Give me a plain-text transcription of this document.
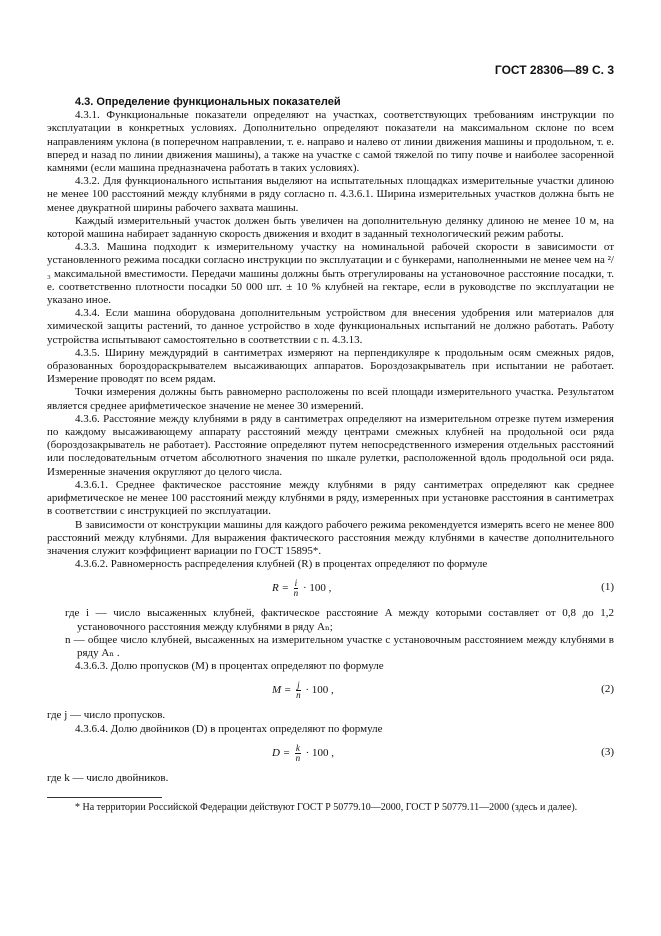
ГОСТ 28306—89 С. 3

4.3. Определение функциональных показателей

4.3.1. Функциональные показатели определяют на участках, соответствующих требованиям инструкции по эксплуатации в конкретных условиях. Дополнительно определяют показатели на максимальном склоне по всем направлениям уклона (в поперечном направлении, т. е. направо и налево от линии движения машины и продольном, т. е. вперед и назад по линии движения машины), а также на участке с самой тяжелой по типу почве и наиболее засоренной камнями (если машина предназначена работать в таких условиях).

4.3.2. Для функционального испытания выделяют на испытательных площадках измерительные участки длиною не менее 100 расстояний между клубнями в ряду согласно п. 4.3.6.1. Ширина измерительных участков должна быть не менее двукратной ширины рабочего захвата машины.

Каждый измерительный участок должен быть увеличен на дополнительную делянку длиною не менее 10 м, на которой машина набирает заданную скорость движения и входит в заданный технологический режим работы.

4.3.3. Машина подходит к измерительному участку на номинальной рабочей скорости в зависимости от установленного режима посадки согласно инструкции по эксплуатации и с бункерами, наполненными не менее чем на ²/₃ максимальной вместимости. Передачи машины должны быть отрегулированы на установочное расстояние посадки, т. е. соответственно плотности посадки 50 000 шт. ± 10 % клубней на гектаре, если в руководстве по эксплуатации не указано иное.

4.3.4. Если машина оборудована дополнительным устройством для внесения удобрения или материалов для химической защиты растений, то данное устройство в ходе функциональных испытаний не должно работать. Работу устройства испытывают самостоятельно в соответствии с п. 4.3.13.

4.3.5. Ширину междурядий в сантиметрах измеряют на перпендикуляре к продольным осям смежных рядов, образованных бороздораскрывателем высаживающих аппаратов. Бороздозакрыватель при испытании не работает. Измерение проводят по всем рядам.

Точки измерения должны быть равномерно расположены по всей площади измерительного участка. Результатом является среднее арифметическое значение не менее 30 измерений.

4.3.6. Расстояние между клубнями в ряду в сантиметрах определяют на измерительном отрезке путем измерения по каждому высаживающему аппарату расстояний между центрами смежных клубней на продольной оси ряда (бороздозакрыватель не работает). Расстояние определяют путем непосредственного измерения отдельных расстояний или последовательным отчетом абсолютного значения по шкале рулетки, расположенной вдоль продольной оси ряда. Измеренные значения округляют до целого числа.

4.3.6.1. Среднее фактическое расстояние между клубнями в ряду сантиметрах определяют как среднее арифметическое не менее 100 расстояний между клубнями в ряду, измеренных при установке расстояния в сантиметрах в соответствии с инструкцией по эксплуатации.

В зависимости от конструкции машины для каждого рабочего режима рекомендуется измерять всего не менее 800 расстояний между клубнями. Для выражения фактического расстояния между клубнями в качестве дополнительного значения служит коэффициент вариации по ГОСТ 15895*.

4.3.6.2. Равномерность распределения клубней (R) в процентах определяют по формуле

$R = \frac{i}{n} \cdot 100$ ,	(1)

где i — число высаженных клубней, фактическое расстояние A между которыми составляет от 0,8 до 1,2 установочного расстояния между клубнями в ряду Aₙ;

n — общее число клубней, высаженных на измерительном участке с установочным расстоянием между клубнями в ряду Aₙ .

4.3.6.3. Долю пропусков (M) в процентах определяют по формуле

$M = \frac{j}{n} \cdot 100$ ,	(2)

где j — число пропусков.

4.3.6.4. Долю двойников (D) в процентах определяют по формуле

$D = \frac{k}{n} \cdot 100$ ,	(3)

где k — число двойников.

* На территории Российской Федерации действуют ГОСТ Р 50779.10—2000, ГОСТ Р 50779.11—2000 (здесь и далее).
